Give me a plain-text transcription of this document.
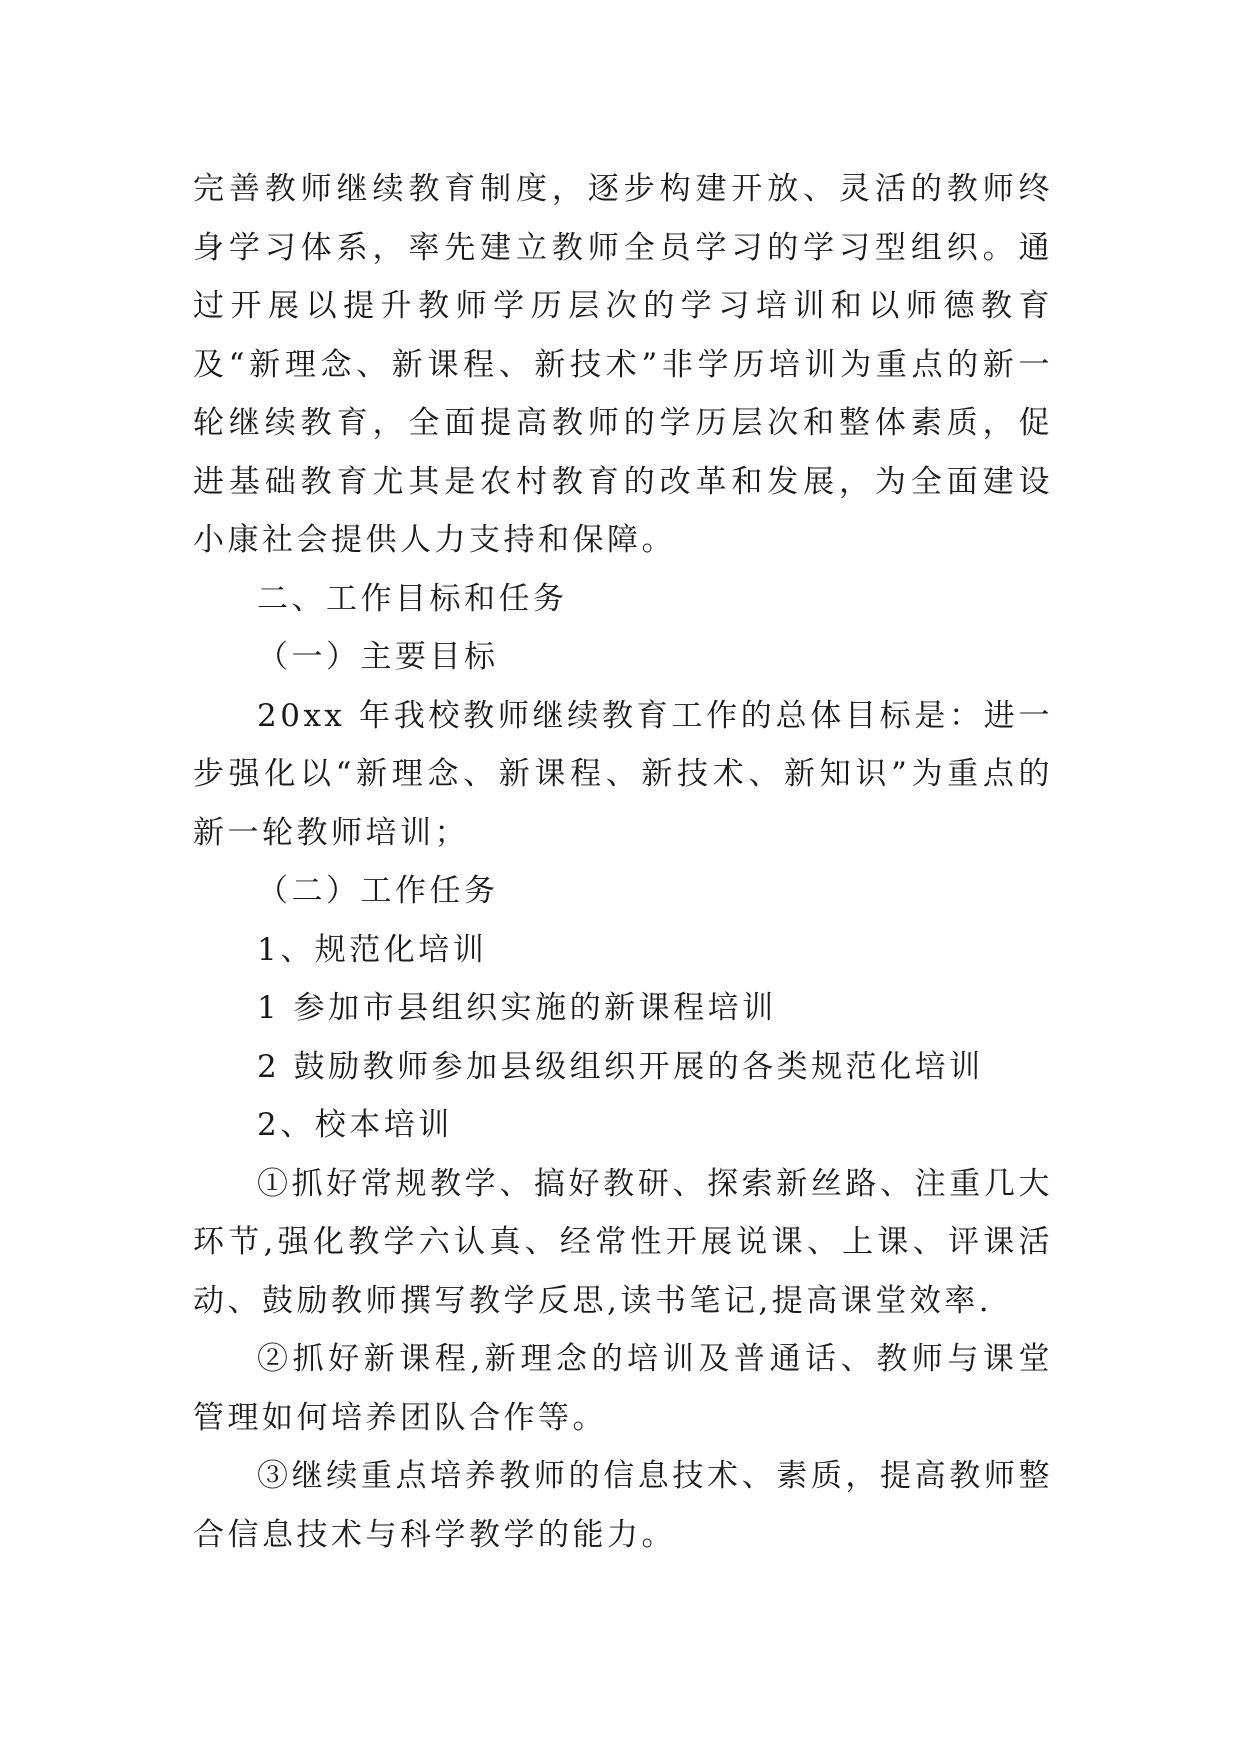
完善教师继续教育制度，逐步构建开放、灵活的教师终身学习体系，率先建立教师全员学习的学习型组织。通过开展以提升教师学历层次的学习培训和以师德教育及“新理念、新课程、新技术”非学历培训为重点的新一轮继续教育，全面提高教师的学历层次和整体素质，促进基础教育尤其是农村教育的改革和发展，为全面建设小康社会提供人力支持和保障。

二、工作目标和任务

（一）主要目标

20xx 年我校教师继续教育工作的总体目标是：进一步强化以“新理念、新课程、新技术、新知识”为重点的新一轮教师培训；

（二）工作任务

1、规范化培训

1 参加市县组织实施的新课程培训

2 鼓励教师参加县级组织开展的各类规范化培训

2、校本培训

①抓好常规教学、搞好教研、探索新丝路、注重几大环节,强化教学六认真、经常性开展说课、上课、评课活动、鼓励教师撰写教学反思,读书笔记,提高课堂效率.

②抓好新课程,新理念的培训及普通话、教师与课堂管理如何培养团队合作等。

③继续重点培养教师的信息技术、素质，提高教师整合信息技术与科学教学的能力。
